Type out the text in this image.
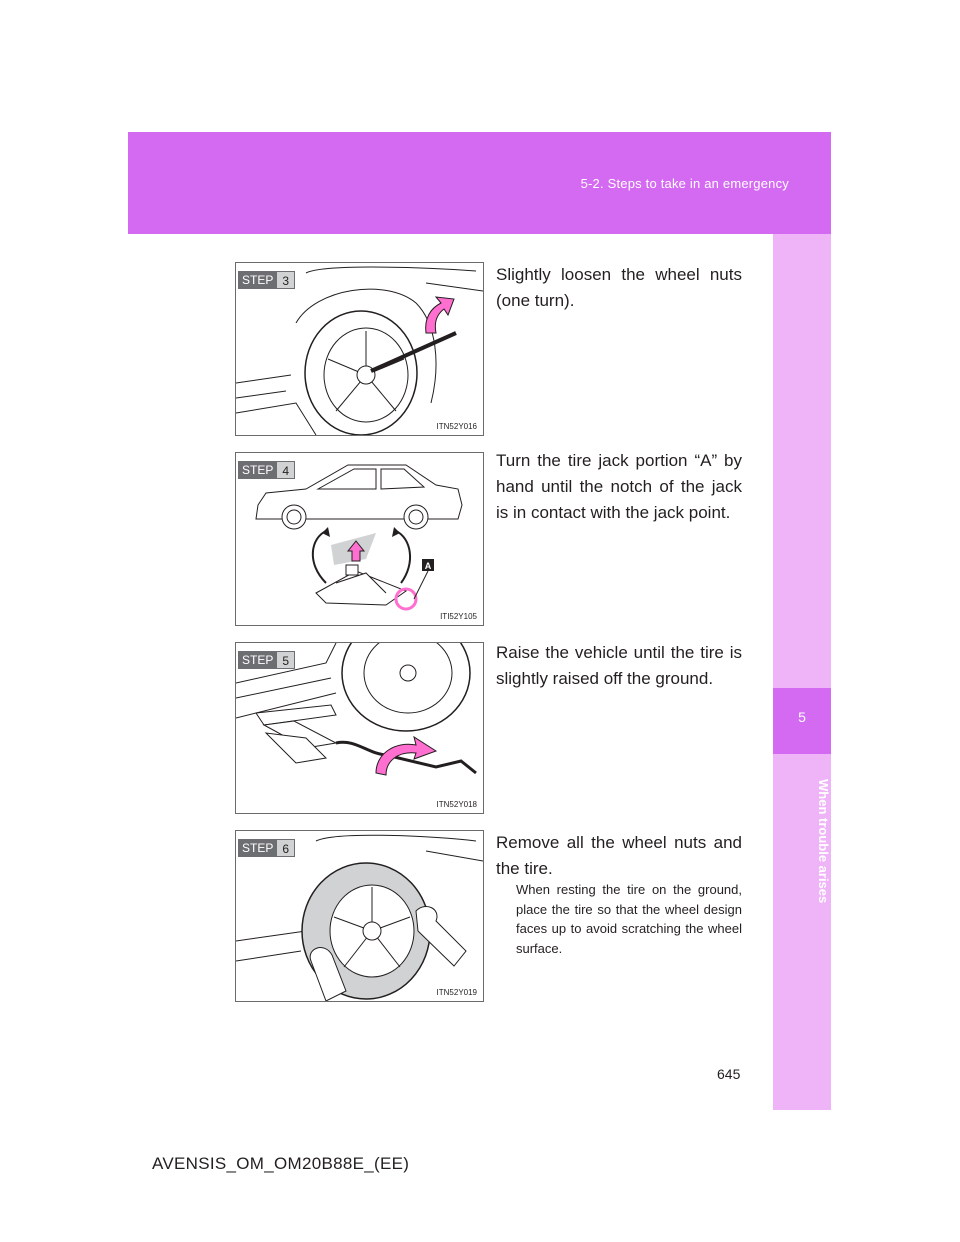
5-2. Steps to take in an emergency
5
When trouble arises
STEP 3
ITN52Y016
Slightly loosen the wheel nuts (one turn).
STEP 4
A
ITI52Y105
Turn the tire jack portion “A” by hand until the notch of the jack is in contact with the jack point.
STEP 5
ITN52Y018
Raise the vehicle until the tire is slightly raised off the ground.
STEP 6
ITN52Y019
Remove all the wheel nuts and the tire.
When resting the tire on the ground, place the tire so that the wheel design faces up to avoid scratching the wheel surface.
645
AVENSIS_OM_OM20B88E_(EE)
